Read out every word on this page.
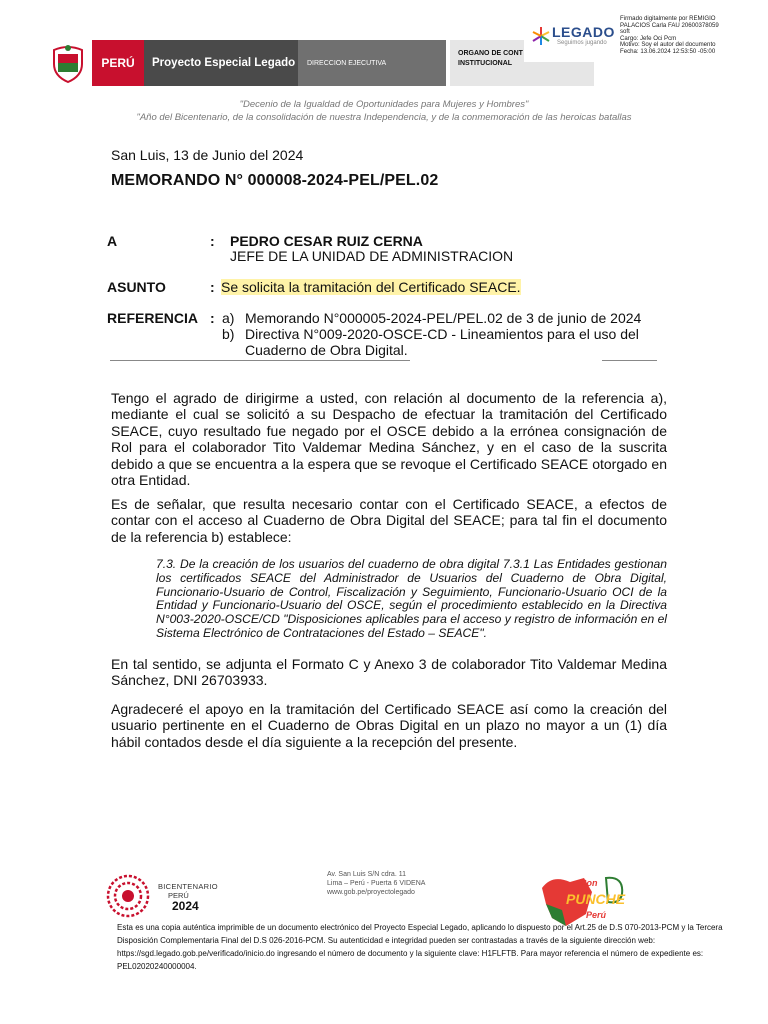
PERÚ	Proyecto Especial Legado	DIRECCION EJECUTIVA
ORGANO DE CONT
INSTITUCIONAL
LEGADO
Seguimos jugando
Firmado digitalmente por REMIGIO
PALACIOS Carla FAU 20600378059
soft
Cargo: Jefe Oci Pcm
Motivo: Soy el autor del documento
Fecha: 13.06.2024 12:53:50 -05:00
"Decenio de la Igualdad de Oportunidades para Mujeres y Hombres"
"Año del Bicentenario, de la consolidación de nuestra Independencia, y de la conmemoración de las heroicas batallas
San Luis, 13 de Junio del 2024
MEMORANDO N° 000008-2024-PEL/PEL.02
A	: PEDRO CESAR RUIZ CERNA
JEFE DE LA UNIDAD DE ADMINISTRACION
ASUNTO	: Se solicita la tramitación del Certificado SEACE.
REFERENCIA : a) Memorando N°000005-2024-PEL/PEL.02 de 3 de junio de 2024
b) Directiva N°009-2020-OSCE-CD - Lineamientos para el uso del
Cuaderno de Obra Digital.
Tengo el agrado de dirigirme a usted, con relación al documento de la referencia a), mediante el cual se solicitó a su Despacho de efectuar la tramitación del Certificado SEACE, cuyo resultado fue negado por el OSCE debido a la errónea consignación de Rol para el colaborador Tito Valdemar Medina Sánchez, y en el caso de la suscrita debido a que se encuentra a la espera que se revoque el Certificado SEACE otorgado en otra Entidad.
Es de señalar, que resulta necesario contar con el Certificado SEACE, a efectos de contar con el acceso al Cuaderno de Obra Digital del SEACE; para tal fin el documento de la referencia b) establece:
7.3. De la creación de los usuarios del cuaderno de obra digital 7.3.1 Las Entidades gestionan los certificados SEACE del Administrador de Usuarios del Cuaderno de Obra Digital, Funcionario-Usuario de Control, Fiscalización y Seguimiento, Funcionario-Usuario OCI de la Entidad y Funcionario-Usuario del OSCE, según el procedimiento establecido en la Directiva N°003-2020-OSCE/CD "Disposiciones aplicables para el acceso y registro de información en el Sistema Electrónico de Contrataciones del Estado – SEACE".
En tal sentido, se adjunta el Formato C y Anexo 3 de colaborador Tito Valdemar Medina Sánchez, DNI 26703933.
Agradeceré el apoyo en la tramitación del Certificado SEACE así como la creación del usuario pertinente en el Cuaderno de Obras Digital en un plazo no mayor a un (1) día hábil contados desde el día siguiente a la recepción del presente.
BICENTENARIO
PERÚ
2024
Av. San Luis S/N cdra. 11
Lima – Perú - Puerta 6 VIDENA
www.gob.pe/proyectolegado
Con
PUNCHE
Perú
Esta es una copia auténtica imprimible de un documento electrónico del Proyecto Especial Legado, aplicando lo dispuesto por el Art.25 de D.S 070-2013-PCM y la Tercera Disposición Complementaria Final del D.S 026-2016-PCM. Su autenticidad e integridad pueden ser contrastadas a través de la siguiente dirección web: https://sgd.legado.gob.pe/verificado/inicio.do ingresando el número de documento y la siguiente clave: H1FLFTB. Para mayor referencia el número de expediente es: PEL02020240000004.
